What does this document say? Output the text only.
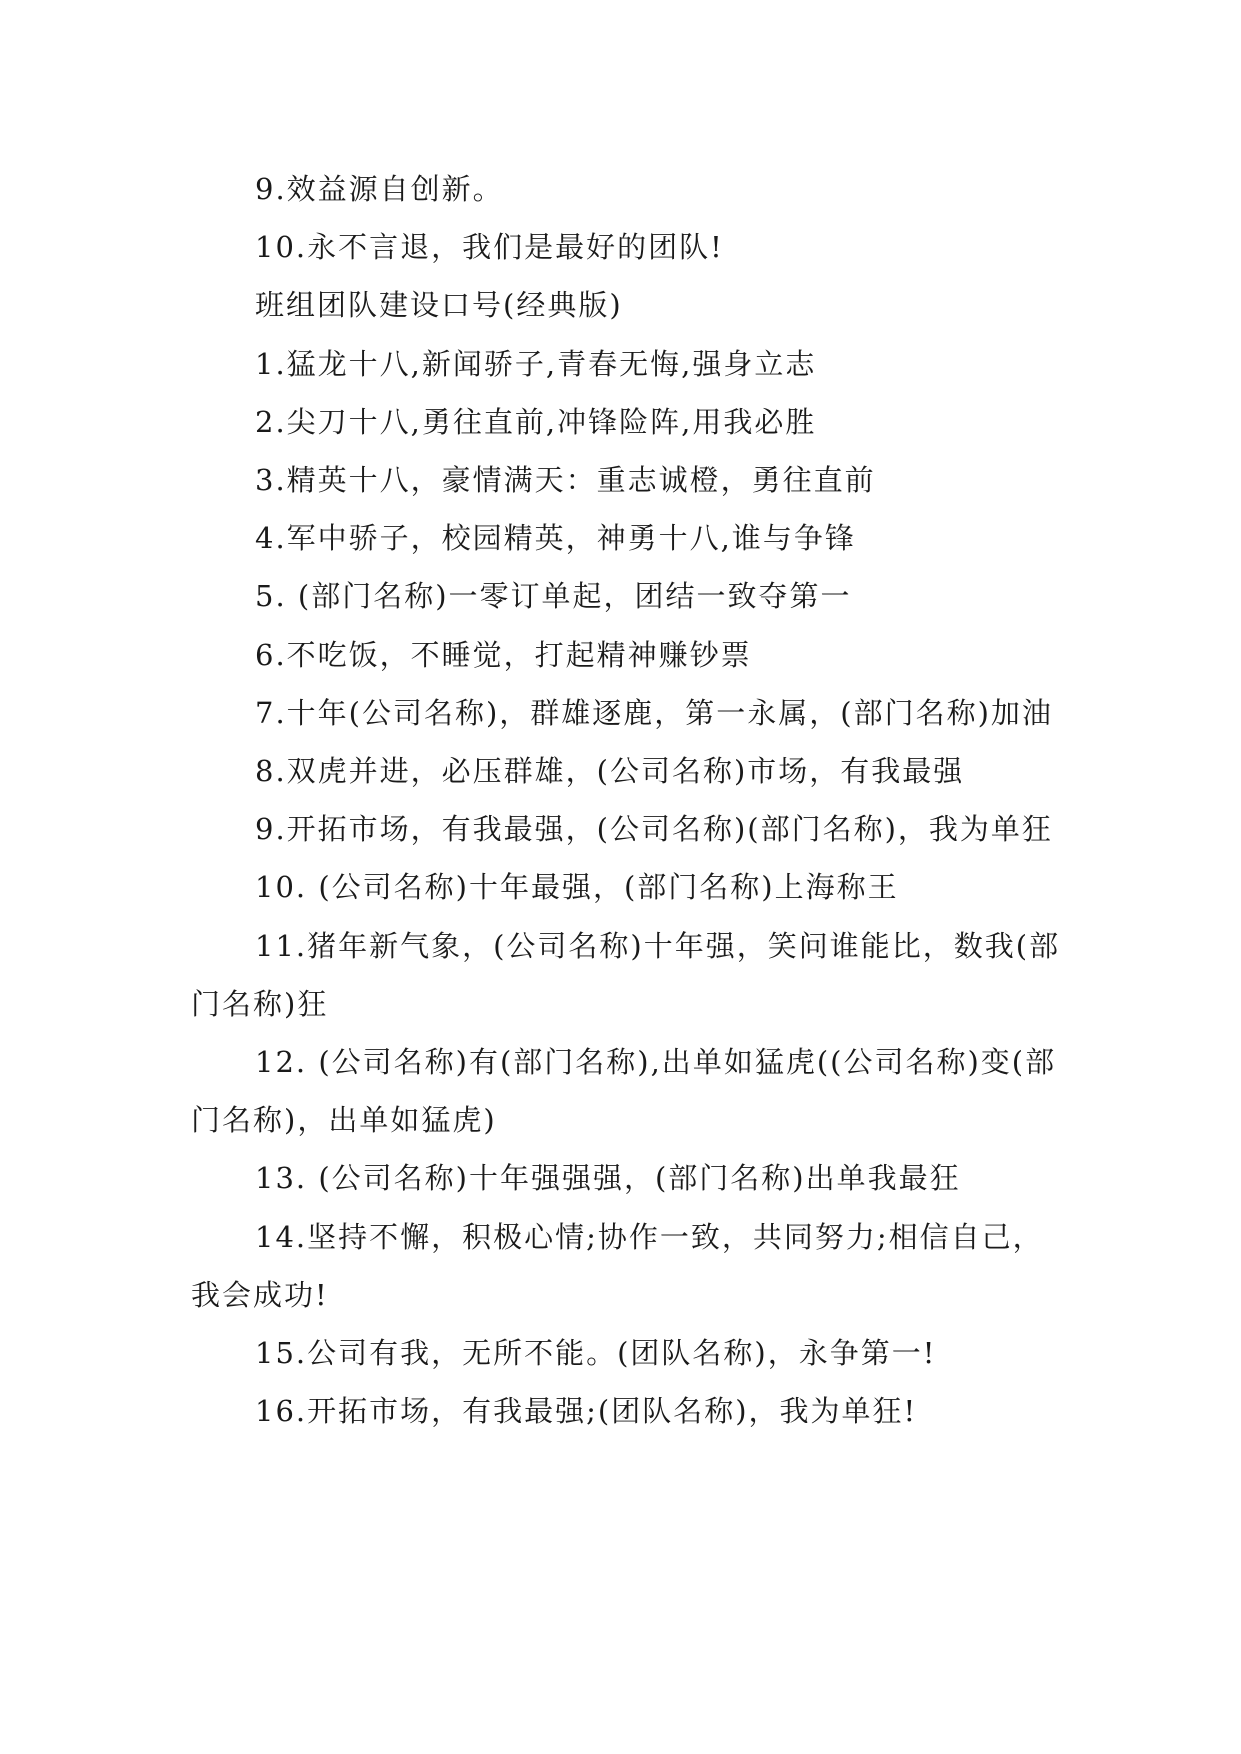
9.效益源自创新。

10.永不言退，我们是最好的团队!

班组团队建设口号(经典版)

1.猛龙十八,新闻骄子,青春无悔,强身立志

2.尖刀十八,勇往直前,冲锋险阵,用我必胜

3.精英十八，豪情满天：重志诚橙，勇往直前

4.军中骄子，校园精英，神勇十八,谁与争锋

5. (部门名称)一零订单起，团结一致夺第一

6.不吃饭，不睡觉，打起精神赚钞票

7.十年(公司名称)，群雄逐鹿，第一永属，(部门名称)加油

8.双虎并进，必压群雄，(公司名称)市场，有我最强

9.开拓市场，有我最强，(公司名称)(部门名称)，我为单狂

10. (公司名称)十年最强，(部门名称)上海称王

11.猪年新气象，(公司名称)十年强，笑问谁能比，数我(部门名称)狂

12. (公司名称)有(部门名称),出单如猛虎((公司名称)变(部门名称)，出单如猛虎)

13. (公司名称)十年强强强，(部门名称)出单我最狂

14.坚持不懈，积极心情;协作一致，共同努力;相信自己，我会成功!

15.公司有我，无所不能。(团队名称)，永争第一!

16.开拓市场，有我最强;(团队名称)，我为单狂!
